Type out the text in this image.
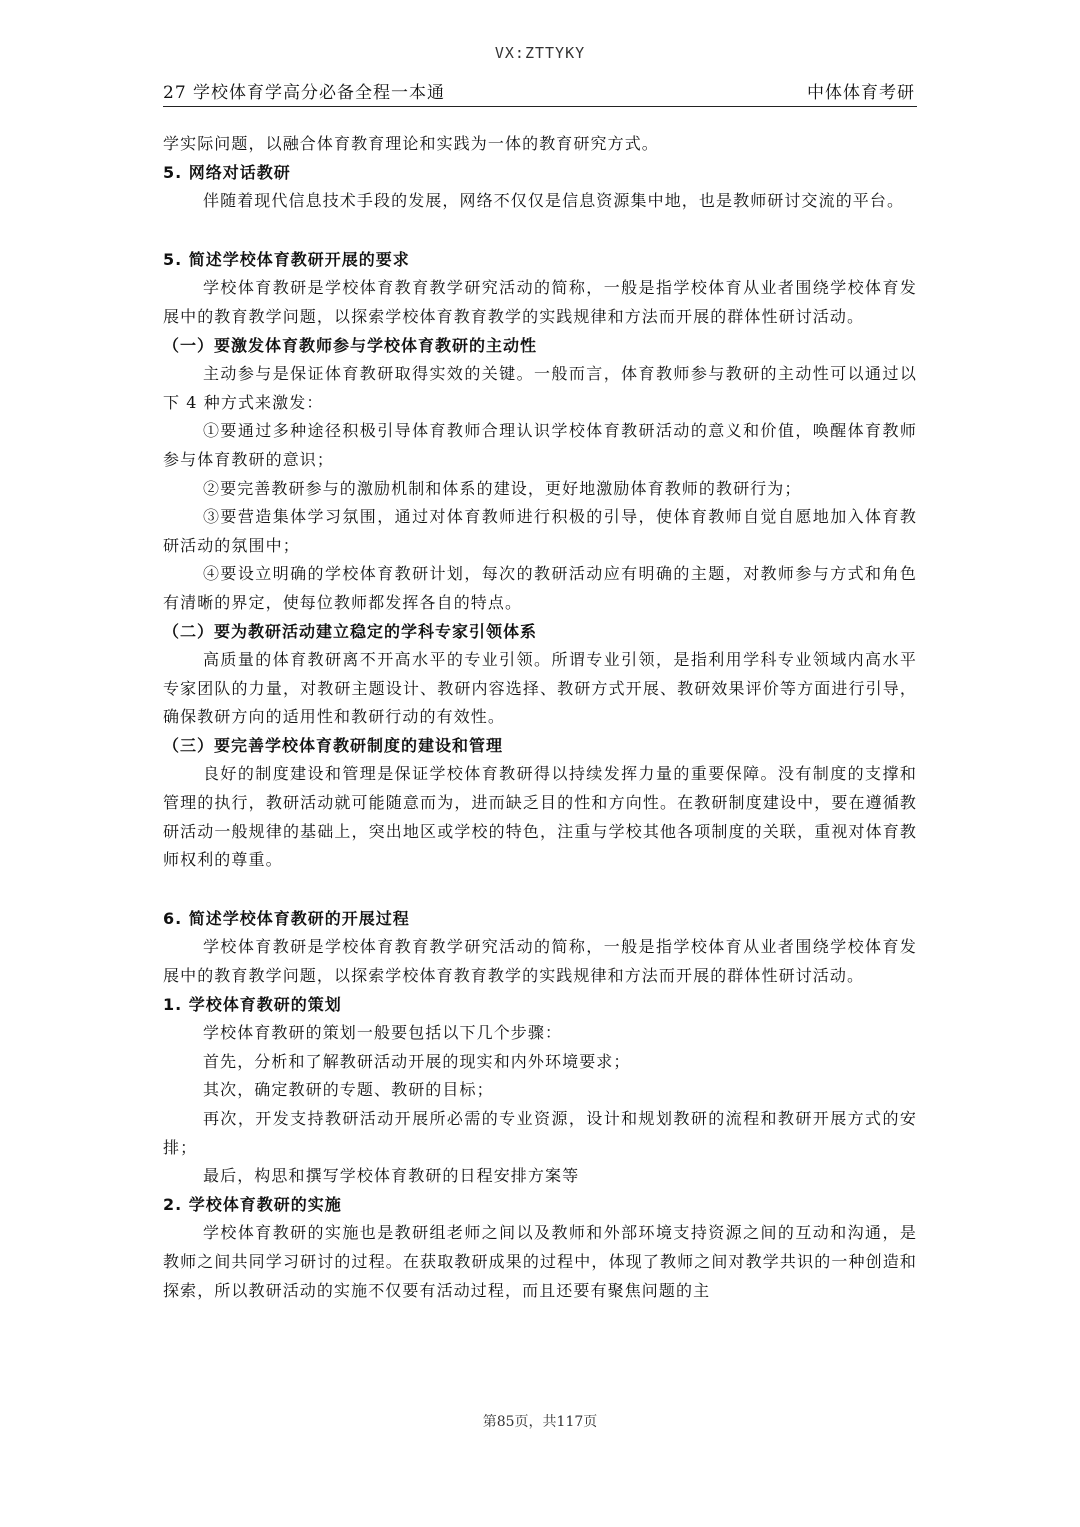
VX:ZTTYKY
27 学校体育学高分必备全程一本通	中体体育考研

学实际问题，以融合体育教育理论和实践为一体的教育研究方式。

5. 网络对话教研

伴随着现代信息技术手段的发展，网络不仅仅是信息资源集中地，也是教师研讨交流的平台。

5. 简述学校体育教研开展的要求

学校体育教研是学校体育教育教学研究活动的简称，一般是指学校体育从业者围绕学校体育发展中的教育教学问题，以探索学校体育教育教学的实践规律和方法而开展的群体性研讨活动。

（一）要激发体育教师参与学校体育教研的主动性

主动参与是保证体育教研取得实效的关键。一般而言，体育教师参与教研的主动性可以通过以下 4 种方式来激发：

①要通过多种途径积极引导体育教师合理认识学校体育教研活动的意义和价值，唤醒体育教师参与体育教研的意识；

②要完善教研参与的激励机制和体系的建设，更好地激励体育教师的教研行为；

③要营造集体学习氛围，通过对体育教师进行积极的引导，使体育教师自觉自愿地加入体育教研活动的氛围中；

④要设立明确的学校体育教研计划，每次的教研活动应有明确的主题，对教师参与方式和角色有清晰的界定，使每位教师都发挥各自的特点。

（二）要为教研活动建立稳定的学科专家引领体系

高质量的体育教研离不开高水平的专业引领。所谓专业引领，是指利用学科专业领域内高水平专家团队的力量，对教研主题设计、教研内容选择、教研方式开展、教研效果评价等方面进行引导，确保教研方向的适用性和教研行动的有效性。

（三）要完善学校体育教研制度的建设和管理

良好的制度建设和管理是保证学校体育教研得以持续发挥力量的重要保障。没有制度的支撑和管理的执行，教研活动就可能随意而为，进而缺乏目的性和方向性。在教研制度建设中，要在遵循教研活动一般规律的基础上，突出地区或学校的特色，注重与学校其他各项制度的关联，重视对体育教师权利的尊重。

6. 简述学校体育教研的开展过程

学校体育教研是学校体育教育教学研究活动的简称，一般是指学校体育从业者围绕学校体育发展中的教育教学问题，以探索学校体育教育教学的实践规律和方法而开展的群体性研讨活动。

1. 学校体育教研的策划

学校体育教研的策划一般要包括以下几个步骤：

首先，分析和了解教研活动开展的现实和内外环境要求；

其次，确定教研的专题、教研的目标；

再次，开发支持教研活动开展所必需的专业资源，设计和规划教研的流程和教研开展方式的安排；

最后，构思和撰写学校体育教研的日程安排方案等

2. 学校体育教研的实施

学校体育教研的实施也是教研组老师之间以及教师和外部环境支持资源之间的互动和沟通，是教师之间共同学习研讨的过程。在获取教研成果的过程中，体现了教师之间对教学共识的一种创造和探索，所以教研活动的实施不仅要有活动过程，而且还要有聚焦问题的主

第85页，共117页
